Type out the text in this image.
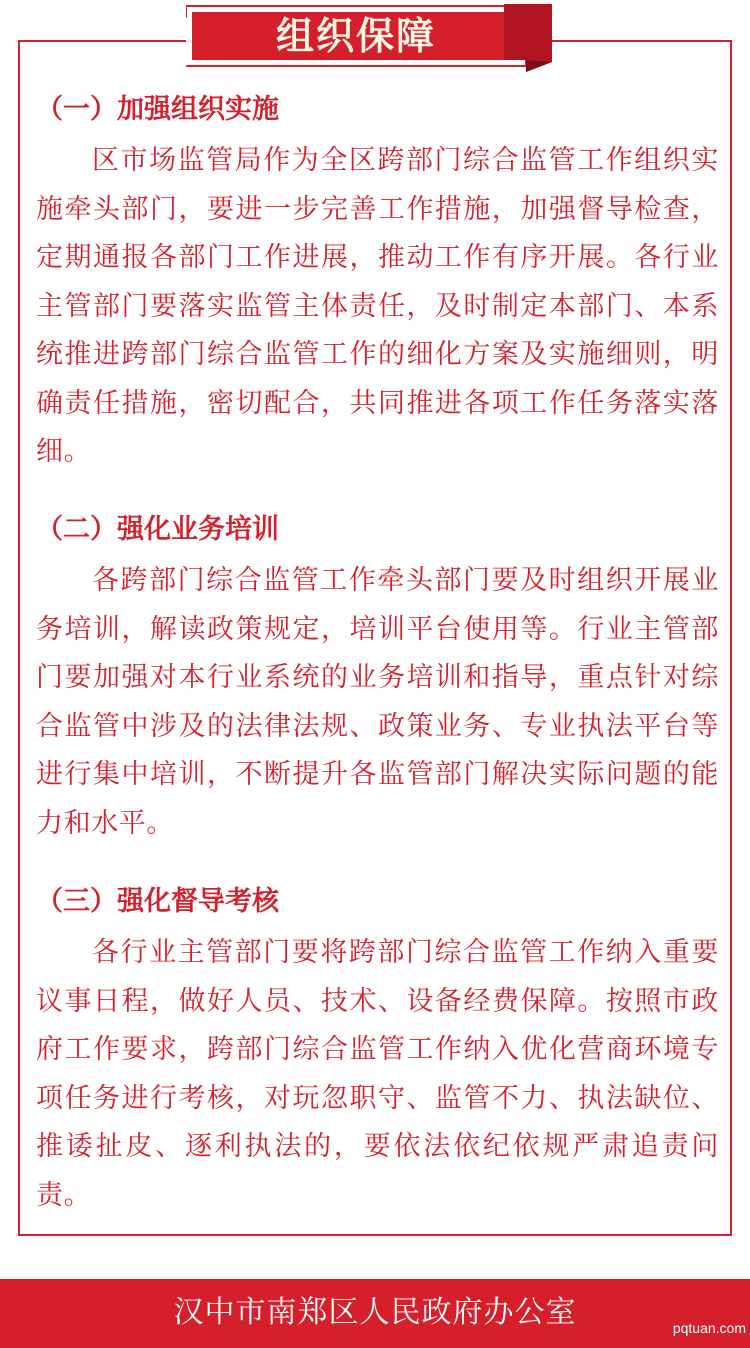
组织保障
（一）加强组织实施
区市场监管局作为全区跨部门综合监管工作组织实施牵头部门，要进一步完善工作措施，加强督导检查，定期通报各部门工作进展，推动工作有序开展。各行业主管部门要落实监管主体责任，及时制定本部门、本系统推进跨部门综合监管工作的细化方案及实施细则，明确责任措施，密切配合，共同推进各项工作任务落实落细。
（二）强化业务培训
各跨部门综合监管工作牵头部门要及时组织开展业务培训，解读政策规定，培训平台使用等。行业主管部门要加强对本行业系统的业务培训和指导，重点针对综合监管中涉及的法律法规、政策业务、专业执法平台等进行集中培训，不断提升各监管部门解决实际问题的能力和水平。
（三）强化督导考核
各行业主管部门要将跨部门综合监管工作纳入重要议事日程，做好人员、技术、设备经费保障。按照市政府工作要求，跨部门综合监管工作纳入优化营商环境专项任务进行考核，对玩忽职守、监管不力、执法缺位、推诿扯皮、逐利执法的，要依法依纪依规严肃追责问责。
汉中市南郑区人民政府办公室	pqtuan.com
